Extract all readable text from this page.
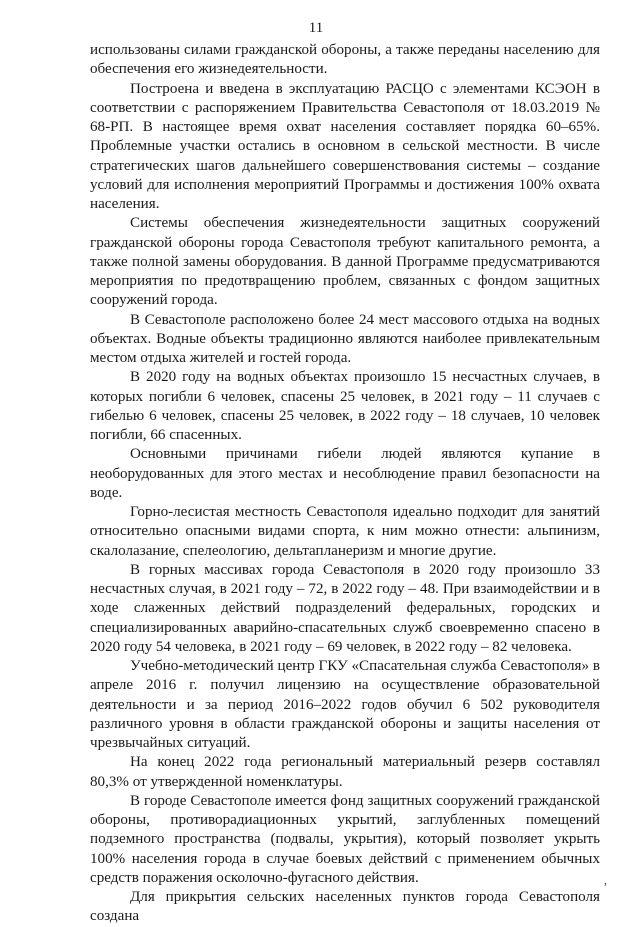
11

использованы силами гражданской обороны, а также переданы населению для обеспечения его жизнедеятельности.

Построена и введена в эксплуатацию РАСЦО с элементами КСЭОН в соответствии с распоряжением Правительства Севастополя от 18.03.2019 № 68-РП. В настоящее время охват населения составляет порядка 60–65%. Проблемные участки остались в основном в сельской местности. В числе стратегических шагов дальнейшего совершенствования системы – создание условий для исполнения мероприятий Программы и достижения 100% охвата населения.

Системы обеспечения жизнедеятельности защитных сооружений гражданской обороны города Севастополя требуют капитального ремонта, а также полной замены оборудования. В данной Программе предусматриваются мероприятия по предотвращению проблем, связанных с фондом защитных сооружений города.

В Севастополе расположено более 24 мест массового отдыха на водных объектах. Водные объекты традиционно являются наиболее привлекательным местом отдыха жителей и гостей города.

В 2020 году на водных объектах произошло 15 несчастных случаев, в которых погибли 6 человек, спасены 25 человек, в 2021 году – 11 случаев с гибелью 6 человек, спасены 25 человек, в 2022 году – 18 случаев, 10 человек погибли, 66 спасенных.

Основными причинами гибели людей являются купание в необорудованных для этого местах и несоблюдение правил безопасности на воде.

Горно-лесистая местность Севастополя идеально подходит для занятий относительно опасными видами спорта, к ним можно отнести: альпинизм, скалолазание, спелеологию, дельтапланеризм и многие другие.

В горных массивах города Севастополя в 2020 году произошло 33 несчастных случая, в 2021 году – 72, в 2022 году – 48. При взаимодействии и в ходе слаженных действий подразделений федеральных, городских и специализированных аварийно-спасательных служб своевременно спасено в 2020 году 54 человека, в 2021 году – 69 человек, в 2022 году – 82 человека.

Учебно-методический центр ГКУ «Спасательная служба Севастополя» в апреле 2016 г. получил лицензию на осуществление образовательной деятельности и за период 2016–2022 годов обучил 6 502 руководителя различного уровня в области гражданской обороны и защиты населения от чрезвычайных ситуаций.

На конец 2022 года региональный материальный резерв составлял 80,3% от утвержденной номенклатуры.

В городе Севастополе имеется фонд защитных сооружений гражданской обороны, противорадиационных укрытий, заглубленных помещений подземного пространства (подвалы, укрытия), который позволяет укрыть 100% населения города в случае боевых действий с применением обычных средств поражения осколочно-фугасного действия.

Для прикрытия сельских населенных пунктов города Севастополя создана

,
